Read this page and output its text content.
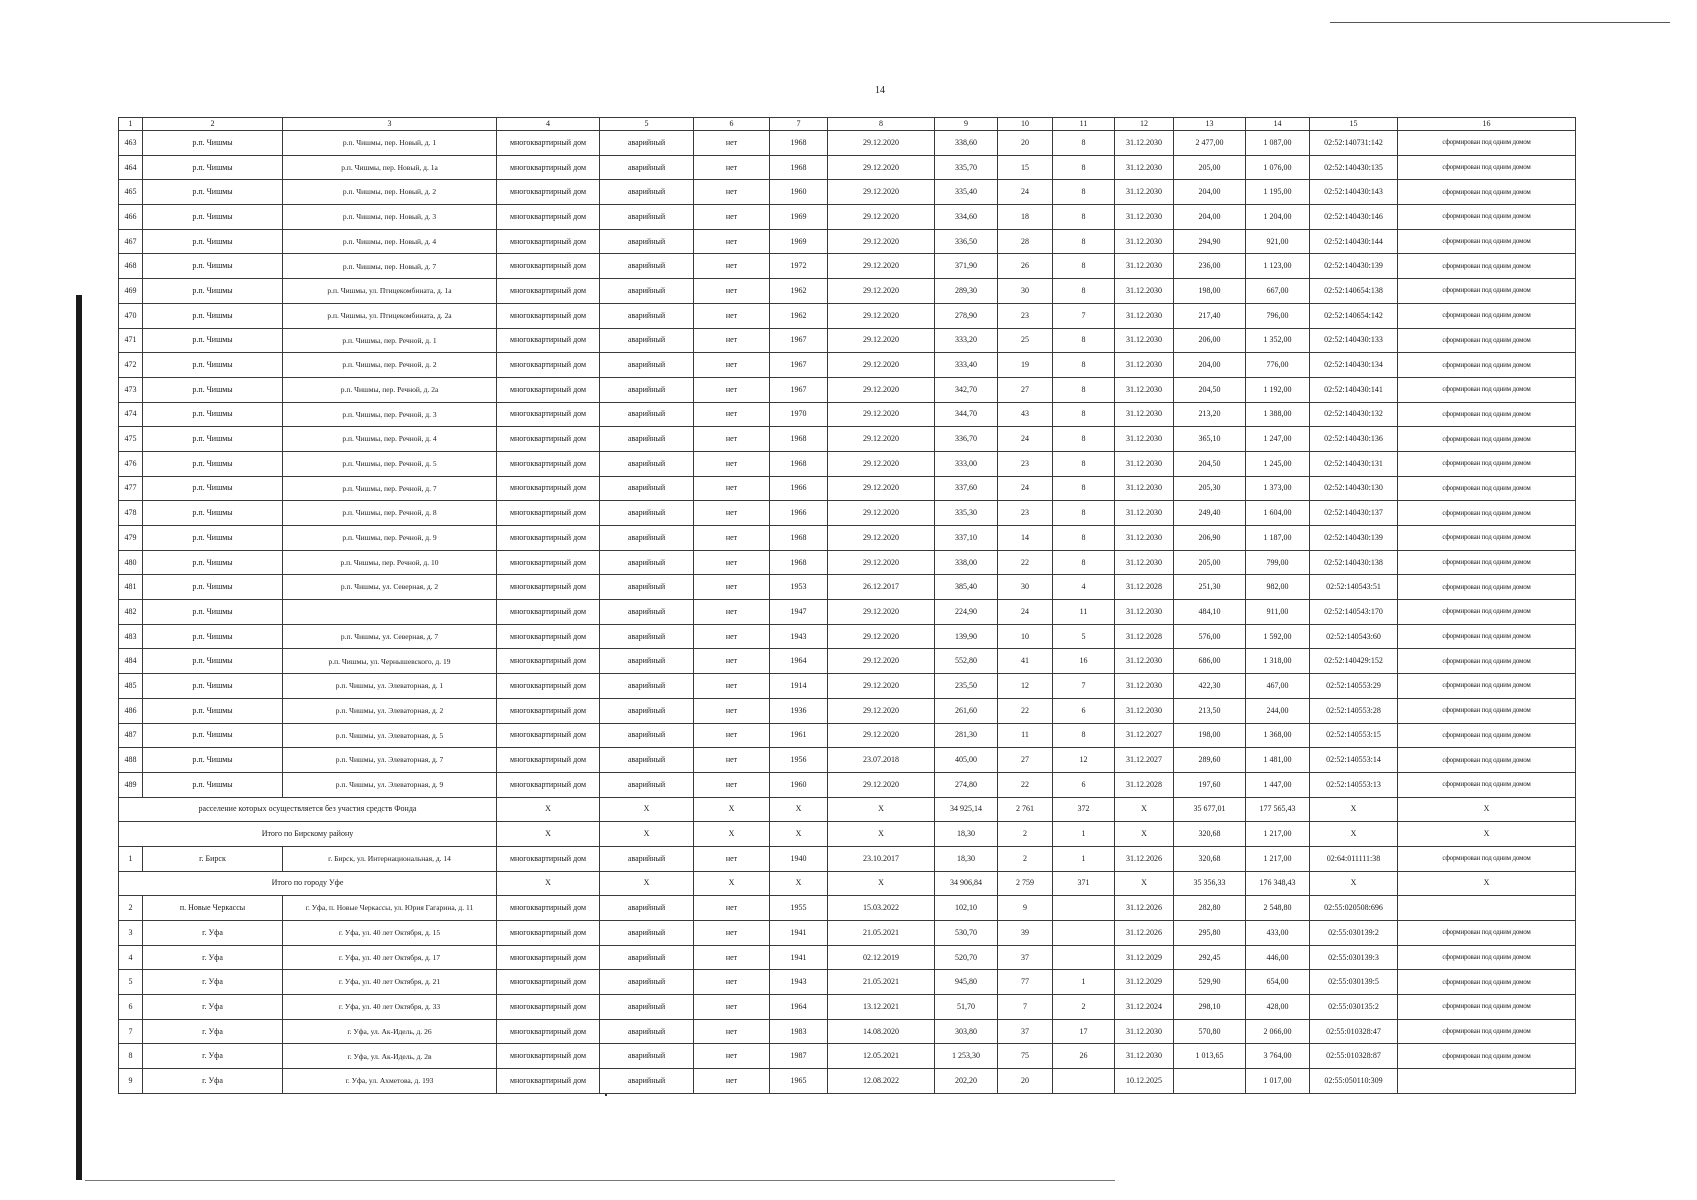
14
1	2	3	4	5	6	7	8	9	10	11	12	13	14	15	16
463	р.п. Чишмы	р.п. Чишмы, пер. Новый, д. 1	многоквартирный дом	аварийный	нет	1968	29.12.2020	338,60	20	8	31.12.2030	2 477,00	1 087,00	02:52:140731:142	сформирован под одним домом
464	р.п. Чишмы	р.п. Чишмы, пер. Новый, д. 1а	многоквартирный дом	аварийный	нет	1968	29.12.2020	335,70	15	8	31.12.2030	205,00	1 076,00	02:52:140430:135	сформирован под одним домом
465	р.п. Чишмы	р.п. Чишмы, пер. Новый, д. 2	многоквартирный дом	аварийный	нет	1960	29.12.2020	335,40	24	8	31.12.2030	204,00	1 195,00	02:52:140430:143	сформирован под одним домом
466	р.п. Чишмы	р.п. Чишмы, пер. Новый, д. 3	многоквартирный дом	аварийный	нет	1969	29.12.2020	334,60	18	8	31.12.2030	204,00	1 204,00	02:52:140430:146	сформирован под одним домом
467	р.п. Чишмы	р.п. Чишмы, пер. Новый, д. 4	многоквартирный дом	аварийный	нет	1969	29.12.2020	336,50	28	8	31.12.2030	294,90	921,00	02:52:140430:144	сформирован под одним домом
468	р.п. Чишмы	р.п. Чишмы, пер. Новый, д. 7	многоквартирный дом	аварийный	нет	1972	29.12.2020	371,90	26	8	31.12.2030	236,00	1 123,00	02:52:140430:139	сформирован под одним домом
469	р.п. Чишмы	р.п. Чишмы, ул. Птицекомбината, д. 1а	многоквартирный дом	аварийный	нет	1962	29.12.2020	289,30	30	8	31.12.2030	198,00	667,00	02:52:140654:138	сформирован под одним домом
470	р.п. Чишмы	р.п. Чишмы, ул. Птицекомбината, д. 2а	многоквартирный дом	аварийный	нет	1962	29.12.2020	278,90	23	7	31.12.2030	217,40	796,00	02:52:140654:142	сформирован под одним домом
471	р.п. Чишмы	р.п. Чишмы, пер. Речной, д. 1	многоквартирный дом	аварийный	нет	1967	29.12.2020	333,20	25	8	31.12.2030	206,00	1 352,00	02:52:140430:133	сформирован под одним домом
472	р.п. Чишмы	р.п. Чишмы, пер. Речной, д. 2	многоквартирный дом	аварийный	нет	1967	29.12.2020	333,40	19	8	31.12.2030	204,00	776,00	02:52:140430:134	сформирован под одним домом
473	р.п. Чишмы	р.п. Чишмы, пер. Речной, д. 2а	многоквартирный дом	аварийный	нет	1967	29.12.2020	342,70	27	8	31.12.2030	204,50	1 192,00	02:52:140430:141	сформирован под одним домом
474	р.п. Чишмы	р.п. Чишмы, пер. Речной, д. 3	многоквартирный дом	аварийный	нет	1970	29.12.2020	344,70	43	8	31.12.2030	213,20	1 388,00	02:52:140430:132	сформирован под одним домом
475	р.п. Чишмы	р.п. Чишмы, пер. Речной, д. 4	многоквартирный дом	аварийный	нет	1968	29.12.2020	336,70	24	8	31.12.2030	365,10	1 247,00	02:52:140430:136	сформирован под одним домом
476	р.п. Чишмы	р.п. Чишмы, пер. Речной, д. 5	многоквартирный дом	аварийный	нет	1968	29.12.2020	333,00	23	8	31.12.2030	204,50	1 245,00	02:52:140430:131	сформирован под одним домом
477	р.п. Чишмы	р.п. Чишмы, пер. Речной, д. 7	многоквартирный дом	аварийный	нет	1966	29.12.2020	337,60	24	8	31.12.2030	205,30	1 373,00	02:52:140430:130	сформирован под одним домом
478	р.п. Чишмы	р.п. Чишмы, пер. Речной, д. 8	многоквартирный дом	аварийный	нет	1966	29.12.2020	335,30	23	8	31.12.2030	249,40	1 604,00	02:52:140430:137	сформирован под одним домом
479	р.п. Чишмы	р.п. Чишмы, пер. Речной, д. 9	многоквартирный дом	аварийный	нет	1968	29.12.2020	337,10	14	8	31.12.2030	206,90	1 187,00	02:52:140430:139	сформирован под одним домом
480	р.п. Чишмы	р.п. Чишмы, пер. Речной, д. 10	многоквартирный дом	аварийный	нет	1968	29.12.2020	338,00	22	8	31.12.2030	205,00	799,00	02:52:140430:138	сформирован под одним домом
481	р.п. Чишмы	р.п. Чишмы, ул. Северная, д. 2	многоквартирный дом	аварийный	нет	1953	26.12.2017	385,40	30	4	31.12.2028	251,30	982,00	02:52:140543:51	сформирован под одним домом
482	р.п. Чишмы		многоквартирный дом	аварийный	нет	1947	29.12.2020	224,90	24	11	31.12.2030	484,10	911,00	02:52:140543:170	сформирован под одним домом
483	р.п. Чишмы	р.п. Чишмы, ул. Северная, д. 7	многоквартирный дом	аварийный	нет	1943	29.12.2020	139,90	10	5	31.12.2028	576,00	1 592,00	02:52:140543:60	сформирован под одним домом
484	р.п. Чишмы	р.п. Чишмы, ул. Чернышевского, д. 19	многоквартирный дом	аварийный	нет	1964	29.12.2020	552,80	41	16	31.12.2030	686,00	1 318,00	02:52:140429:152	сформирован под одним домом
485	р.п. Чишмы	р.п. Чишмы, ул. Элеваторная, д. 1	многоквартирный дом	аварийный	нет	1914	29.12.2020	235,50	12	7	31.12.2030	422,30	467,00	02:52:140553:29	сформирован под одним домом
486	р.п. Чишмы	р.п. Чишмы, ул. Элеваторная, д. 2	многоквартирный дом	аварийный	нет	1936	29.12.2020	261,60	22	6	31.12.2030	213,50	244,00	02:52:140553:28	сформирован под одним домом
487	р.п. Чишмы	р.п. Чишмы, ул. Элеваторная, д. 5	многоквартирный дом	аварийный	нет	1961	29.12.2020	281,30	11	8	31.12.2027	198,00	1 368,00	02:52:140553:15	сформирован под одним домом
488	р.п. Чишмы	р.п. Чишмы, ул. Элеваторная, д. 7	многоквартирный дом	аварийный	нет	1956	23.07.2018	405,00	27	12	31.12.2027	289,60	1 481,00	02:52:140553:14	сформирован под одним домом
489	р.п. Чишмы	р.п. Чишмы, ул. Элеваторная, д. 9	многоквартирный дом	аварийный	нет	1960	29.12.2020	274,80	22	6	31.12.2028	197,60	1 447,00	02:52:140553:13	сформирован под одним домом
расселение которых осуществляется без участия средств Фонда			X	X	X	X	X	34 925,14	2 761	372	X	35 677,01	177 565,43	X	X
Итого по Бирскому району			X	X	X	X	X	18,30	2	1	X	320,68	1 217,00	X	X
1	г. Бирск	г. Бирск, ул. Интернациональная, д. 14	многоквартирный дом	аварийный	нет	1940	23.10.2017	18,30	2	1	31.12.2026	320,68	1 217,00	02:64:011111:38	сформирован под одним домом
Итого по городу Уфе			X	X	X	X	X	34 906,84	2 759	371	X	35 356,33	176 348,43	X	X
2	п. Новые Черкассы	г. Уфа, п. Новые Черкассы, ул. Юрия Гагарина, д. 11	многоквартирный дом	аварийный	нет	1955	15.03.2022	102,10	9		31.12.2026	282,80	2 548,80	02:55:020508:696	
3	г. Уфа	г. Уфа, ул. 40 лет Октября, д. 15	многоквартирный дом	аварийный	нет	1941	21.05.2021	530,70	39		31.12.2026	295,80	433,00	02:55:030139:2	сформирован под одним домом
4	г. Уфа	г. Уфа, ул. 40 лет Октября, д. 17	многоквартирный дом	аварийный	нет	1941	02.12.2019	520,70	37		31.12.2029	292,45	446,00	02:55:030139:3	сформирован под одним домом
5	г. Уфа	г. Уфа, ул. 40 лет Октября, д. 21	многоквартирный дом	аварийный	нет	1943	21.05.2021	945,80	77	1	31.12.2029	529,90	654,00	02:55:030139:5	сформирован под одним домом
6	г. Уфа	г. Уфа, ул. 40 лет Октября, д. 33	многоквартирный дом	аварийный	нет	1964	13.12.2021	51,70	7	2	31.12.2024	298,10	428,00	02:55:030135:2	сформирован под одним домом
7	г. Уфа	г. Уфа, ул. Ак-Идель, д. 26	многоквартирный дом	аварийный	нет	1983	14.08.2020	303,80	37	17	31.12.2030	570,80	2 066,00	02:55:010328:47	сформирован под одним домом
8	г. Уфа	г. Уфа, ул. Ак-Идель, д. 2в	многоквартирный дом	аварийный	нет	1987	12.05.2021	1 253,30	75	26	31.12.2030	1 013,65	3 764,00	02:55:010328:87	сформирован под одним домом
9	г. Уфа	г. Уфа, ул. Ахметова, д. 193	многоквартирный дом	аварийный	нет	1965	12.08.2022	202,20	20		10.12.2025		1 017,00	02:55:050110:309	
